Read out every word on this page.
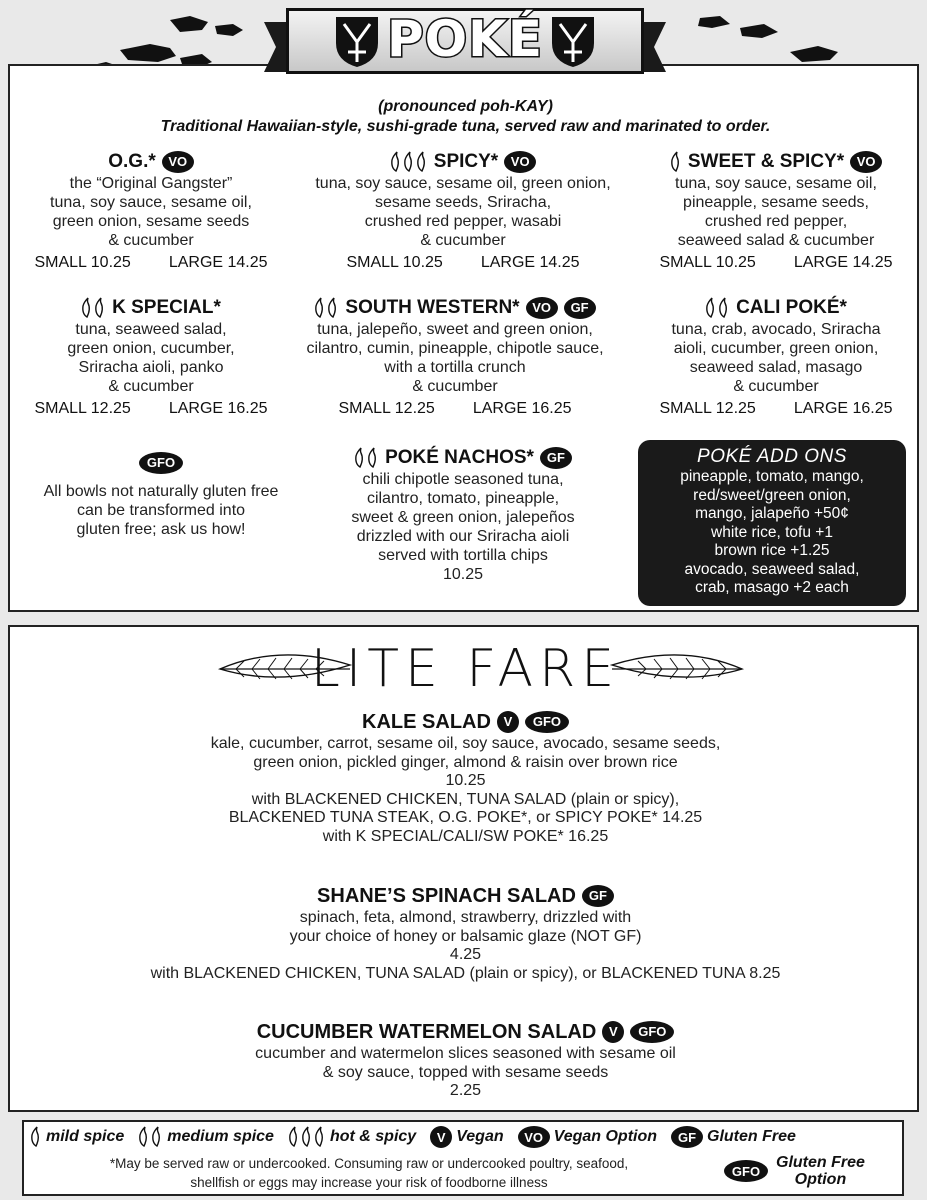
(pronounced poh-KAY)
Traditional Hawaiian-style, sushi-grade tuna, served raw and marinated to order.
O.G.* VO
the “Original Gangster”
tuna, soy sauce, sesame oil,
green onion, sesame seeds
& cucumber
SMALL 10.25 LARGE 14.25
SPICY* VO
tuna, soy sauce, sesame oil, green onion,
sesame seeds, Sriracha,
crushed red pepper, wasabi
& cucumber
SMALL 10.25 LARGE 14.25
SWEET & SPICY* VO
tuna, soy sauce, sesame oil,
pineapple, sesame seeds,
crushed red pepper,
seaweed salad & cucumber
SMALL 10.25 LARGE 14.25
K SPECIAL*
tuna, seaweed salad,
green onion, cucumber,
Sriracha aioli, panko
& cucumber
SMALL 12.25 LARGE 16.25
SOUTH WESTERN* VO	GF
tuna, jalepeño, sweet and green onion,
cilantro, cumin, pineapple, chipotle sauce,
with a tortilla crunch
& cucumber
SMALL 12.25 LARGE 16.25
CALI POKÉ*
tuna, crab, avocado, Sriracha
aioli, cucumber, green onion,
seaweed salad, masago
& cucumber
SMALL 12.25 LARGE 16.25
GFO
All bowls not naturally gluten free
can be transformed into
gluten free; ask us how!
POKÉ NACHOS* GF
chili chipotle seasoned tuna,
cilantro, tomato, pineapple,
sweet & green onion, jalepeños
drizzled with our Sriracha aioli
served with tortilla chips
10.25
POKÉ ADD ONS
pineapple, tomato, mango,
red/sweet/green onion,
mango, jalapeño +50¢
white rice, tofu +1
brown rice +1.25
avocado, seaweed salad,
crab, masago +2 each
POKÉ
LITE FARE
KALE SALAD V	GFO
kale, cucumber, carrot, sesame oil, soy sauce, avocado, sesame seeds,
green onion, pickled ginger, almond & raisin over brown rice
10.25
with BLACKENED CHICKEN, TUNA SALAD (plain or spicy),
BLACKENED TUNA STEAK, O.G. POKE*, or SPICY POKE* 14.25
with K SPECIAL/CALI/SW POKE* 16.25
SHANE’S SPINACH SALAD GF
spinach, feta, almond, strawberry, drizzled with
your choice of honey or balsamic glaze (NOT GF)
4.25
with BLACKENED CHICKEN, TUNA SALAD (plain or spicy), or BLACKENED TUNA 8.25
CUCUMBER WATERMELON SALAD V	GFO
cucumber and watermelon slices seasoned with sesame oil
& soy sauce, topped with sesame seeds
2.25
mild spice	medium spice	hot & spicy	V Vegan	VO Vegan Option	GF Gluten Free
*May be served raw or undercooked. Consuming raw or undercooked poultry, seafood,
shellfish or eggs may increase your risk of foodborne illness
GFO Gluten Free
Option
